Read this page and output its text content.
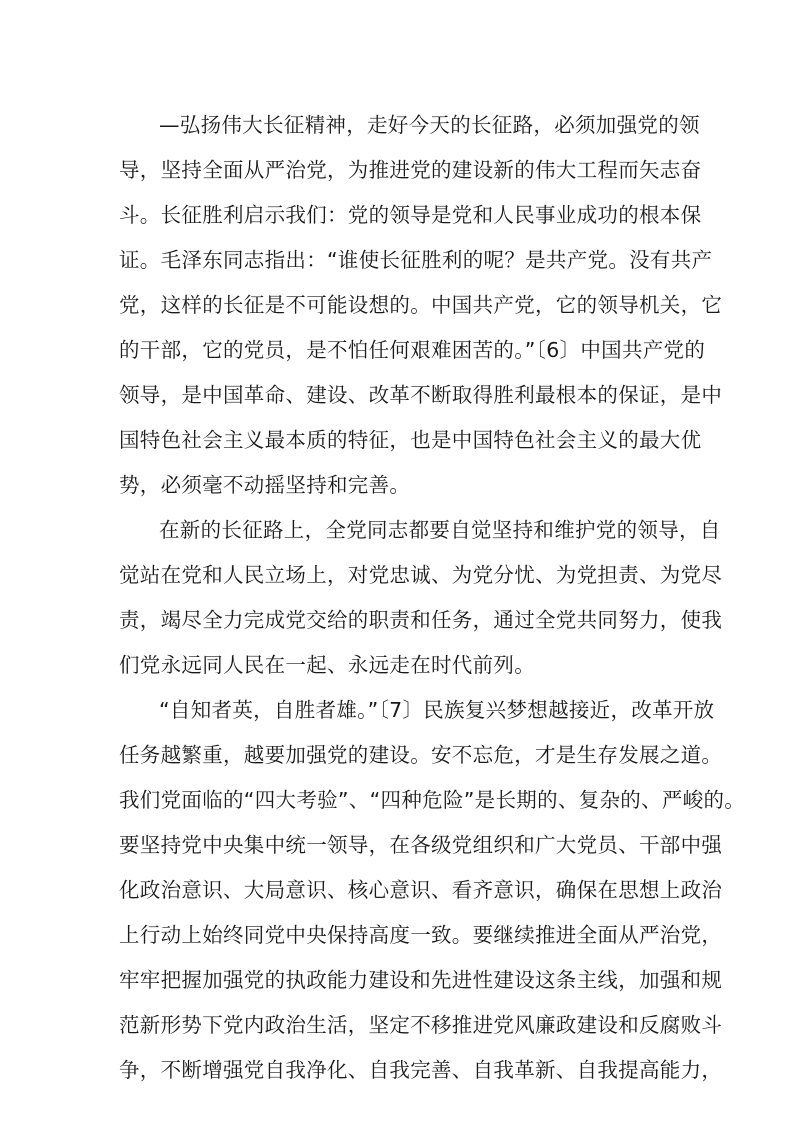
—弘扬伟大长征精神，走好今天的长征路，必须加强党的领
导，坚持全面从严治党，为推进党的建设新的伟大工程而矢志奋
斗。长征胜利启示我们：党的领导是党和人民事业成功的根本保
证。毛泽东同志指出：“谁使长征胜利的呢？是共产党。没有共产
党，这样的长征是不可能设想的。中国共产党，它的领导机关，它
的干部，它的党员，是不怕任何艰难困苦的。”〔6〕中国共产党的
领导，是中国革命、建设、改革不断取得胜利最根本的保证，是中
国特色社会主义最本质的特征，也是中国特色社会主义的最大优
势，必须毫不动摇坚持和完善。
在新的长征路上，全党同志都要自觉坚持和维护党的领导，自
觉站在党和人民立场上，对党忠诚、为党分忧、为党担责、为党尽
责，竭尽全力完成党交给的职责和任务，通过全党共同努力，使我
们党永远同人民在一起、永远走在时代前列。
“自知者英，自胜者雄。”〔7〕民族复兴梦想越接近，改革开放
任务越繁重，越要加强党的建设。安不忘危，才是生存发展之道。
我们党面临的“四大考验”、“四种危险”是长期的、复杂的、严峻的。
要坚持党中央集中统一领导，在各级党组织和广大党员、干部中强
化政治意识、大局意识、核心意识、看齐意识，确保在思想上政治
上行动上始终同党中央保持高度一致。要继续推进全面从严治党，
牢牢把握加强党的执政能力建设和先进性建设这条主线，加强和规
范新形势下党内政治生活，坚定不移推进党风廉政建设和反腐败斗
争，不断增强党自我净化、自我完善、自我革新、自我提高能力，
